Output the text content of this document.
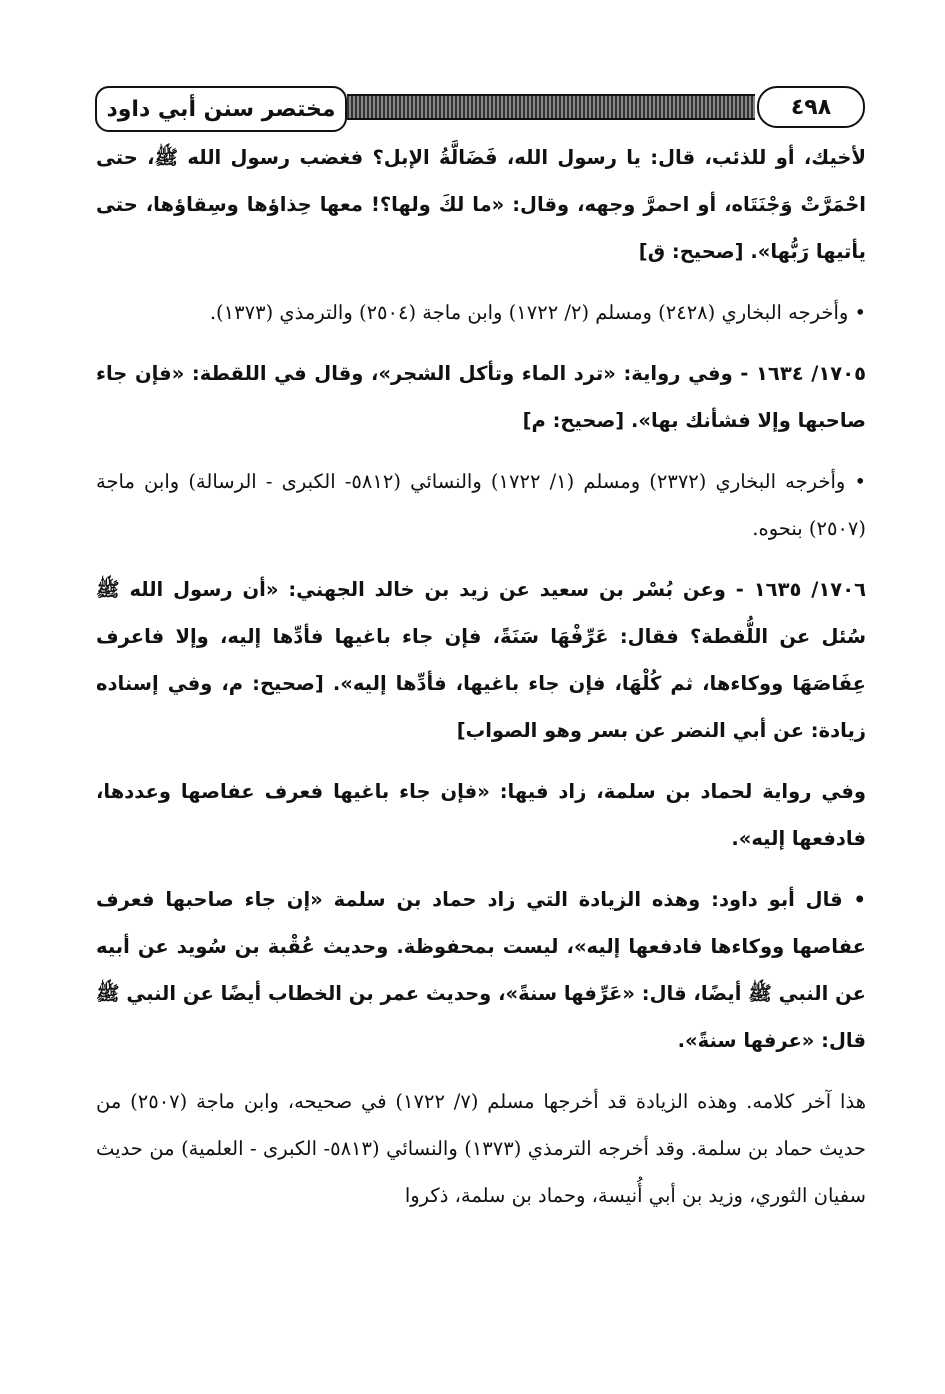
مختصر سنن أبي داود	٤٩٨

لأخيك، أو للذئب، قال: يا رسول الله، فَضَالَّةُ الإبل؟ فغضب رسول الله ﷺ، حتى احْمَرَّتْ وَجْنَتَاه، أو احمرَّ وجهه، وقال: «ما لكَ ولها؟! معها حِذاؤها وسِقاؤها، حتى يأتيها رَبُّها». [صحيح: ق]

• وأخرجه البخاري (٢٤٢٨) ومسلم (٢/ ١٧٢٢) وابن ماجة (٢٥٠٤) والترمذي (١٣٧٣).

١٧٠٥/ ١٦٣٤ - وفي رواية: «ترد الماء وتأكل الشجر»، وقال في اللقطة: «فإن جاء صاحبها وإلا فشأنك بها». [صحيح: م]

• وأخرجه البخاري (٢٣٧٢) ومسلم (١/ ١٧٢٢) والنسائي (٥٨١٢- الكبرى - الرسالة) وابن ماجة (٢٥٠٧) بنحوه.

١٧٠٦/ ١٦٣٥ - وعن بُسْر بن سعيد عن زيد بن خالد الجهني: «أن رسول الله ﷺ سُئل عن اللُّقطة؟ فقال: عَرِّفْهَا سَنَةً، فإن جاء باغيها فأدِّها إليه، وإلا فاعرف عِفَاصَهَا ووكاءها، ثم كُلْهَا، فإن جاء باغيها، فأدِّها إليه». [صحيح: م، وفي إسناده زيادة: عن أبي النضر عن بسر وهو الصواب]

وفي رواية لحماد بن سلمة، زاد فيها: «فإن جاء باغيها فعرف عفاصها وعددها، فادفعها إليه».

• قال أبو داود: وهذه الزيادة التي زاد حماد بن سلمة «إن جاء صاحبها فعرف عفاصها ووكاءها فادفعها إليه»، ليست بمحفوظة. وحديث عُقْبة بن سُويد عن أبيه عن النبي ﷺ أيضًا، قال: «عَرِّفها سنةً»، وحديث عمر بن الخطاب أيضًا عن النبي ﷺ قال: «عرفها سنةً».

هذا آخر كلامه. وهذه الزيادة قد أخرجها مسلم (٧/ ١٧٢٢) في صحيحه، وابن ماجة (٢٥٠٧) من حديث حماد بن سلمة. وقد أخرجه الترمذي (١٣٧٣) والنسائي (٥٨١٣- الكبرى - العلمية) من حديث سفيان الثوري، وزيد بن أبي أُنيسة، وحماد بن سلمة، ذكروا
